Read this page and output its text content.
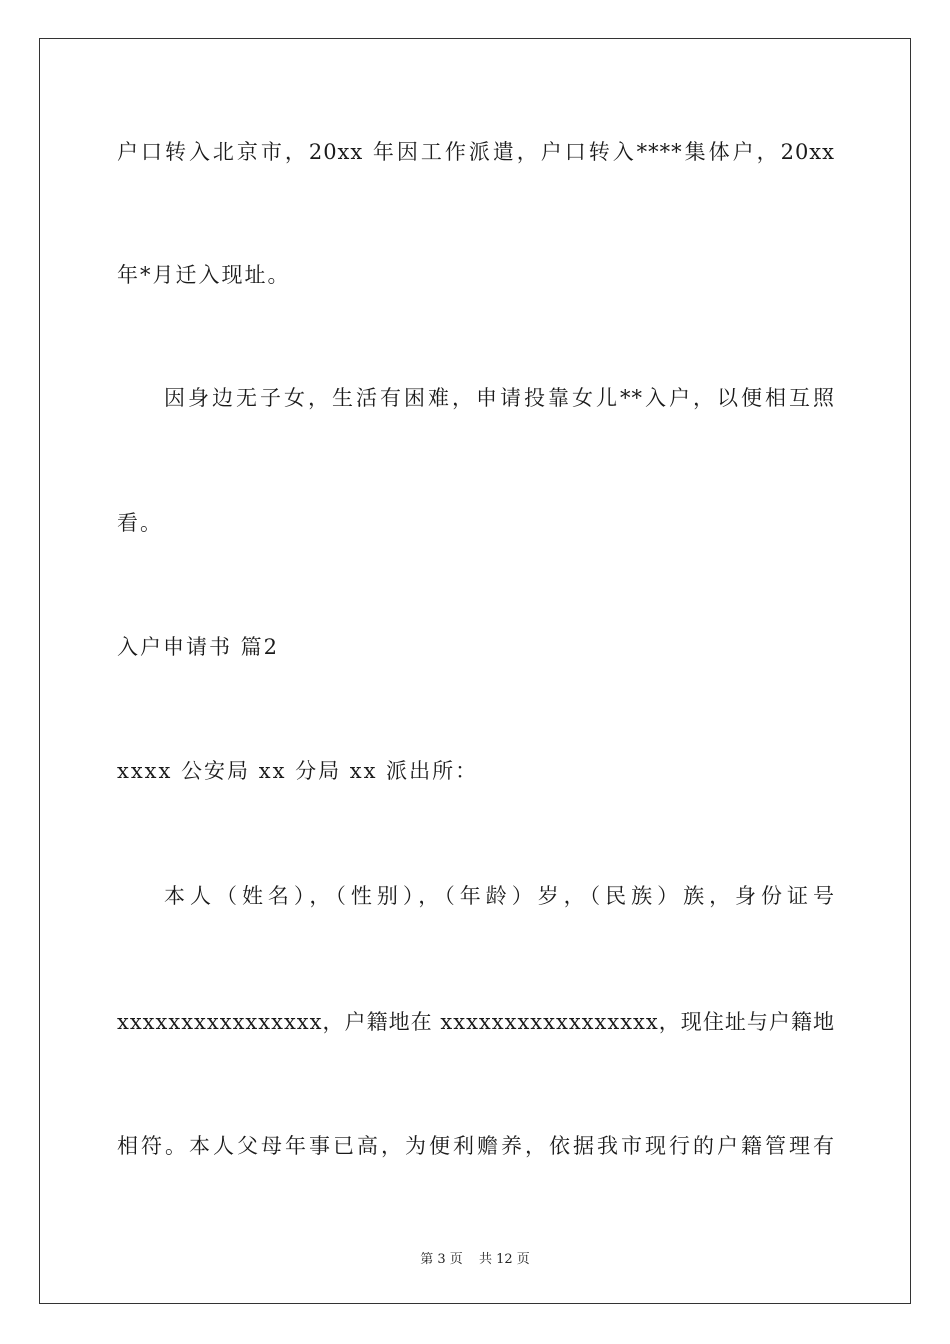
户口转入北京市，20xx 年因工作派遣，户口转入****集体户，20xx
年*月迁入现址。
因身边无子女，生活有困难，申请投靠女儿**入户，以便相互照
看。
入户申请书 篇2
xxxx 公安局 xx 分局 xx 派出所：
本人（姓名），（性别），（年龄）岁，（民族）族，身份证号
xxxxxxxxxxxxxxxx，户籍地在 xxxxxxxxxxxxxxxxx，现住址与户籍地
相符。本人父母年事已高，为便利赡养，依据我市现行的户籍管理有
第 3 页 共 12 页
